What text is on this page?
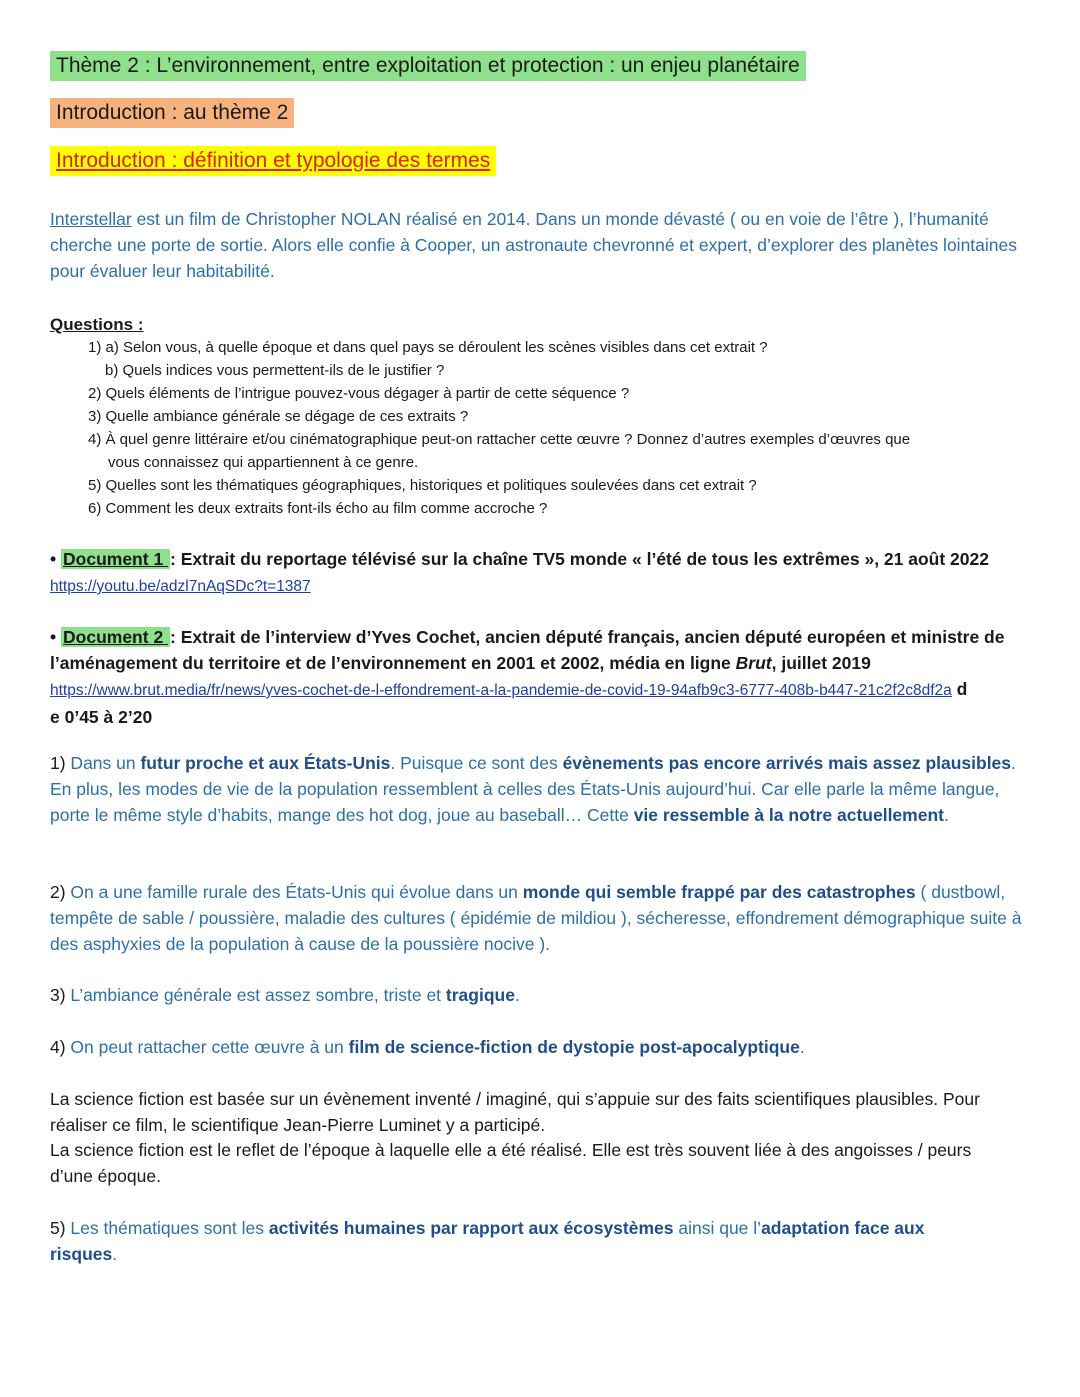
Thème 2 : L’environnement, entre exploitation et protection : un enjeu planétaire
Introduction : au thème 2
Introduction : définition et typologie des termes

Interstellar est un film de Christopher NOLAN réalisé en 2014. Dans un monde dévasté ( ou en voie de l’être ), l’humanité cherche une porte de sortie. Alors elle confie à Cooper, un astronaute chevronné et expert, d’explorer des planètes lointaines pour évaluer leur habitabilité.

Questions :
1) a) Selon vous, à quelle époque et dans quel pays se déroulent les scènes visibles dans cet extrait ?
b) Quels indices vous permettent-ils de le justifier ?
2) Quels éléments de l’intrigue pouvez-vous dégager à partir de cette séquence ?
3) Quelle ambiance générale se dégage de ces extraits ?
4) À quel genre littéraire et/ou cinématographique peut-on rattacher cette œuvre ? Donnez d’autres exemples d’œuvres que
vous connaissez qui appartiennent à ce genre.
5) Quelles sont les thématiques géographiques, historiques et politiques soulevées dans cet extrait ?
6) Comment les deux extraits font-ils écho au film comme accroche ?

• Document 1 : Extrait du reportage télévisé sur la chaîne TV5 monde « l’été de tous les extrêmes », 21 août 2022 https://youtu.be/adzl7nAqSDc?t=1387

• Document 2 : Extrait de l’interview d’Yves Cochet, ancien député français, ancien député européen et ministre de l’aménagement du territoire et de l’environnement en 2001 et 2002, média en ligne Brut, juillet 2019

https://www.brut.media/fr/news/yves-cochet-de-l-effondrement-a-la-pandemie-de-covid-19-94afb9c3-6777-408b-b447-21c2f2c8df2a de 0’45 à 2’20

1) Dans un futur proche et aux États-Unis. Puisque ce sont des évènements pas encore arrivés mais assez plausibles. En plus, les modes de vie de la population ressemblent à celles des États-Unis aujourd’hui. Car elle parle la même langue, porte le même style d’habits, mange des hot dog, joue au baseball… Cette vie ressemble à la notre actuellement.

2) On a une famille rurale des États-Unis qui évolue dans un monde qui semble frappé par des catastrophes ( dustbowl, tempête de sable / poussière, maladie des cultures ( épidémie de mildiou ), sécheresse, effondrement démographique suite à des asphyxies de la population à cause de la poussière nocive ).

3) L’ambiance générale est assez sombre, triste et tragique.

4) On peut rattacher cette œuvre à un film de science-fiction de dystopie post-apocalyptique.

La science fiction est basée sur un évènement inventé / imaginé, qui s’appuie sur des faits scientifiques plausibles. Pour réaliser ce film, le scientifique Jean-Pierre Luminet y a participé.

La science fiction est le reflet de l’époque à laquelle elle a été réalisé. Elle est très souvent liée à des angoisses / peurs d’une époque.

5) Les thématiques sont les activités humaines par rapport aux écosystèmes ainsi que l’adaptation face aux risques.
